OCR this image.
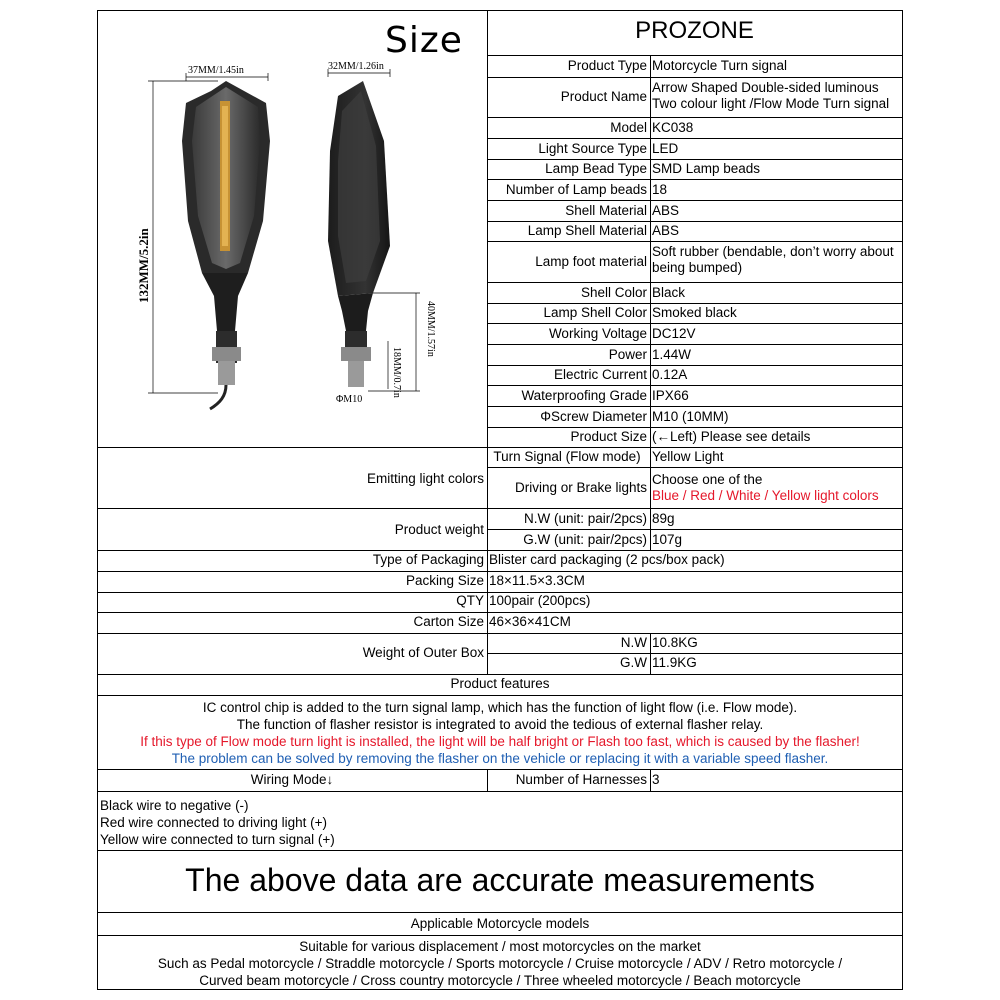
Size
37MM/1.45in	32MM/1.26in
132MM/5.2in
40MM/1.57in
18MM/0.7in
ΦM10
PROZONE
Product Type Motorcycle Turn signal
Product Name
Arrow Shaped Double-sided luminous Two colour light /Flow Mode Turn signal
Model KC038
Light Source Type LED
Lamp Bead Type SMD Lamp beads
Number of Lamp beads 18
Shell Material ABS
Lamp Shell Material ABS
Lamp foot material
Soft rubber (bendable, don’t worry about being bumped)
Shell Color Black
Lamp Shell Color Smoked black
Working Voltage DC12V
Power 1.44W
Electric Current 0.12A
Waterproofing Grade IPX66
ΦScrew Diameter M10 (10MM)
Product Size (←Left) Please see details
Emitting light colors
Turn Signal (Flow mode) Yellow Light
Driving or Brake lights
Choose one of the
Blue / Red / White / Yellow light colors
Product weight
N.W (unit: pair/2pcs) 89g
G.W (unit: pair/2pcs) 107g
Type of Packaging Blister card packaging (2 pcs/box pack)
Packing Size 18×11.5×3.3CM
QTY 100pair (200pcs)
Carton Size 46×36×41CM
Weight of Outer Box
N.W 10.8KG
G.W 11.9KG
Product features
IC control chip is added to the turn signal lamp, which has the function of light flow (i.e. Flow mode).
The function of flasher resistor is integrated to avoid the tedious of external flasher relay.
If this type of Flow mode turn light is installed, the light will be half bright or Flash too fast, which is caused by the flasher!
The problem can be solved by removing the flasher on the vehicle or replacing it with a variable speed flasher.
Wiring Mode↓	Number of Harnesses 3
Black wire to negative (-)
Red wire connected to driving light (+)
Yellow wire connected to turn signal (+)
The above data are accurate measurements
Applicable Motorcycle models
Suitable for various displacement / most motorcycles on the market
Such as Pedal motorcycle / Straddle motorcycle / Sports motorcycle / Cruise motorcycle / ADV / Retro motorcycle /
Curved beam motorcycle / Cross country motorcycle / Three wheeled motorcycle / Beach motorcycle
